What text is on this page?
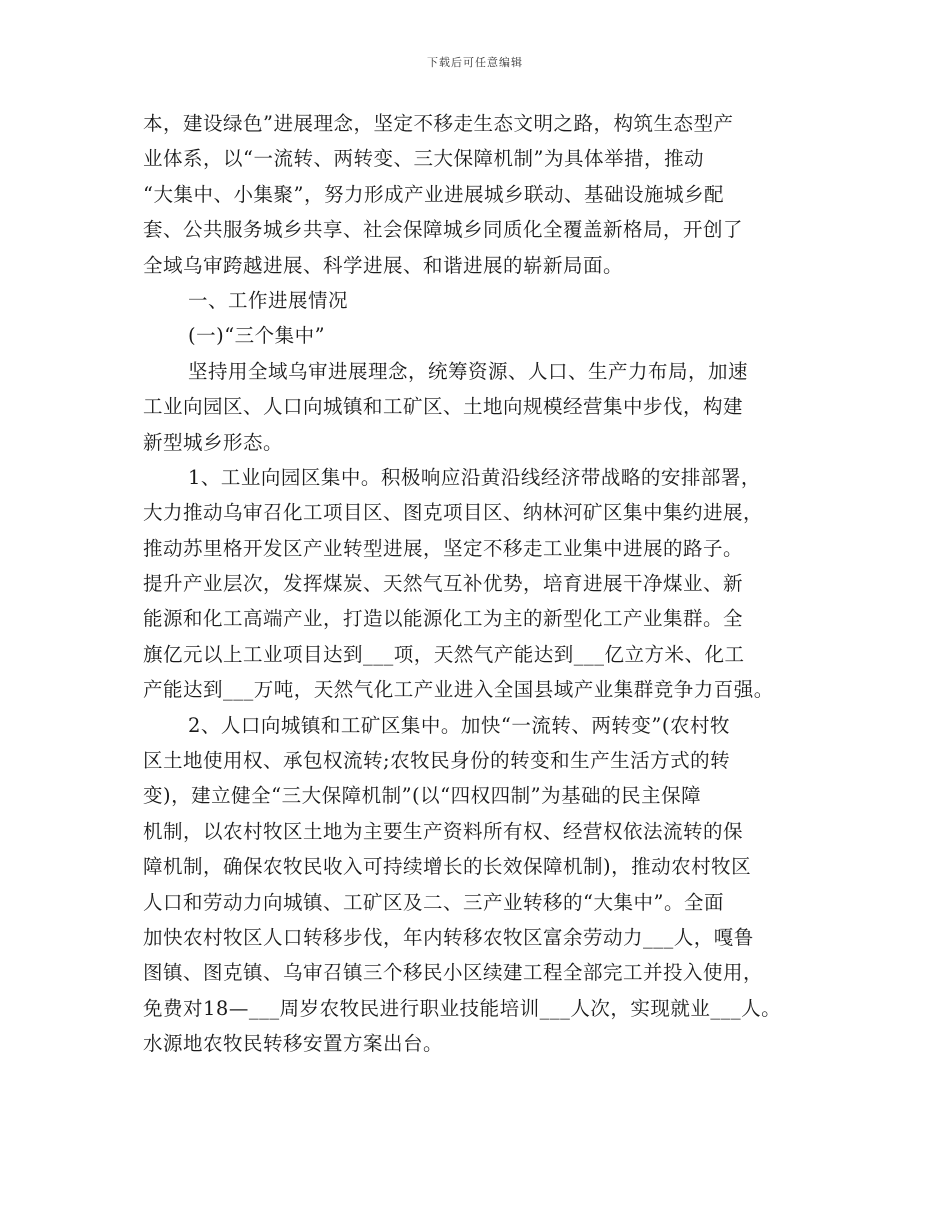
下载后可任意编辑
本，建设绿色”进展理念，坚定不移走生态文明之路，构筑生态型产
业体系，以“一流转、两转变、三大保障机制”为具体举措，推动
“大集中、小集聚”，努力形成产业进展城乡联动、基础设施城乡配
套、公共服务城乡共享、社会保障城乡同质化全覆盖新格局，开创了
全域乌审跨越进展、科学进展、和谐进展的崭新局面。
一、工作进展情况
(一)“三个集中”
坚持用全域乌审进展理念，统筹资源、人口、生产力布局，加速
工业向园区、人口向城镇和工矿区、土地向规模经营集中步伐，构建
新型城乡形态。
1、工业向园区集中。积极响应沿黄沿线经济带战略的安排部署，
大力推动乌审召化工项目区、图克项目区、纳林河矿区集中集约进展，
推动苏里格开发区产业转型进展，坚定不移走工业集中进展的路子。
提升产业层次，发挥煤炭、天然气互补优势，培育进展干净煤业、新
能源和化工高端产业，打造以能源化工为主的新型化工产业集群。全
旗亿元以上工业项目达到___项，天然气产能达到___亿立方米、化工
产能达到___万吨，天然气化工产业进入全国县域产业集群竞争力百强。
2、人口向城镇和工矿区集中。加快“一流转、两转变”(农村牧
区土地使用权、承包权流转;农牧民身份的转变和生产生活方式的转
变)，建立健全“三大保障机制”(以“四权四制”为基础的民主保障
机制，以农村牧区土地为主要生产资料所有权、经营权依法流转的保
障机制，确保农牧民收入可持续增长的长效保障机制)，推动农村牧区
人口和劳动力向城镇、工矿区及二、三产业转移的“大集中”。全面
加快农村牧区人口转移步伐，年内转移农牧区富余劳动力___人，嘎鲁
图镇、图克镇、乌审召镇三个移民小区续建工程全部完工并投入使用，
免费对18—___周岁农牧民进行职业技能培训___人次，实现就业___人。
水源地农牧民转移安置方案出台。
